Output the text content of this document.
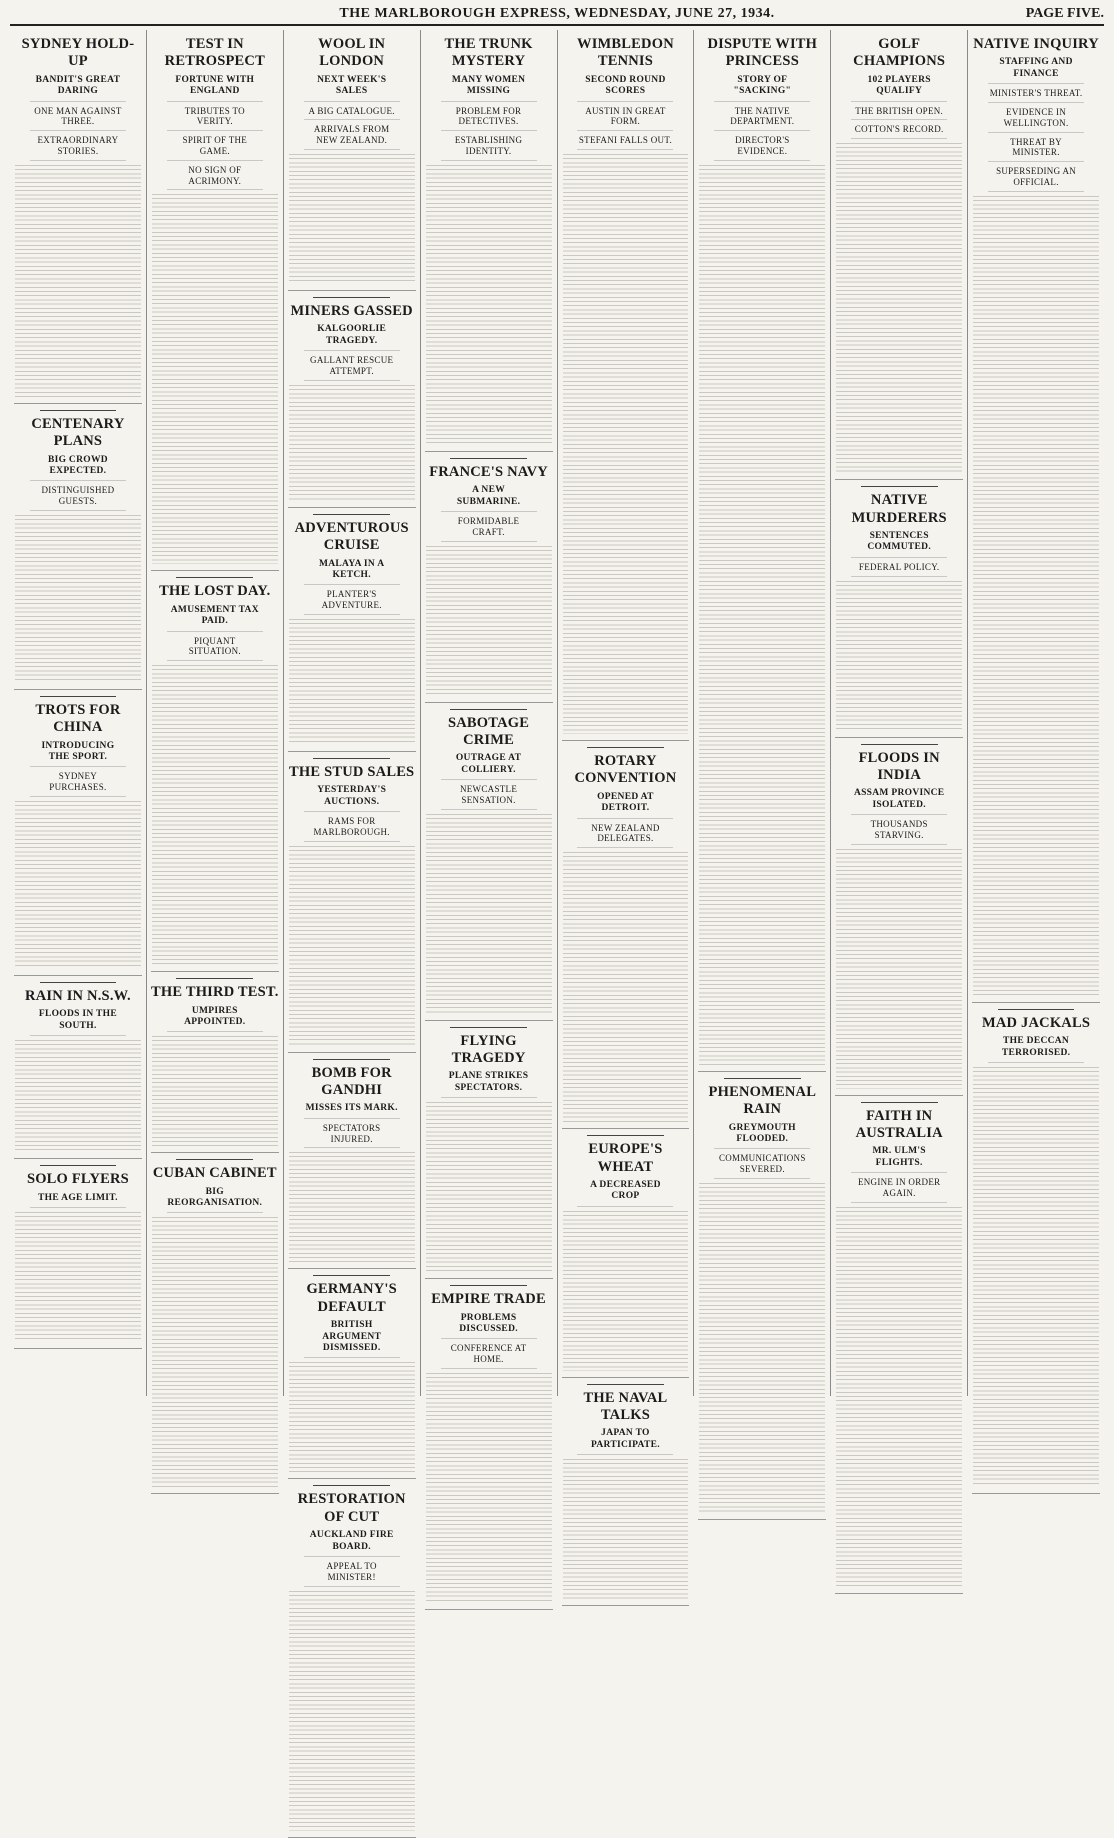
THE MARLBOROUGH EXPRESS, WEDNESDAY, JUNE 27, 1934.	PAGE FIVE.
SYDNEY HOLD-UP
BANDIT'S GREAT DARING
ONE MAN AGAINST THREE.
EXTRAORDINARY STORIES.
CENTENARY PLANS
BIG CROWD EXPECTED.
DISTINGUISHED GUESTS.
TROTS FOR CHINA
INTRODUCING THE SPORT.
SYDNEY PURCHASES.
RAIN IN N.S.W.
FLOODS IN THE SOUTH.
SOLO FLYERS
THE AGE LIMIT.
TEST IN RETROSPECT
FORTUNE WITH ENGLAND
TRIBUTES TO VERITY.
SPIRIT OF THE GAME.
NO SIGN OF ACRIMONY.
THE LOST DAY.
AMUSEMENT TAX PAID.
PIQUANT SITUATION.
THE THIRD TEST.
UMPIRES APPOINTED.
CUBAN CABINET
BIG REORGANISATION.
WOOL IN LONDON
NEXT WEEK'S SALES
A BIG CATALOGUE.
ARRIVALS FROM NEW ZEALAND.
MINERS GASSED
KALGOORLIE TRAGEDY.
GALLANT RESCUE ATTEMPT.
ADVENTUROUS CRUISE
MALAYA IN A KETCH.
PLANTER'S ADVENTURE.
THE STUD SALES
YESTERDAY'S AUCTIONS.
RAMS FOR MARLBOROUGH.
BOMB FOR GANDHI
MISSES ITS MARK.
SPECTATORS INJURED.
GERMANY'S DEFAULT
BRITISH ARGUMENT DISMISSED.
RESTORATION OF CUT
AUCKLAND FIRE BOARD.
APPEAL TO MINISTER!
THE TRUNK MYSTERY
MANY WOMEN MISSING
PROBLEM FOR DETECTIVES.
ESTABLISHING IDENTITY.
FRANCE'S NAVY
A NEW SUBMARINE.
FORMIDABLE CRAFT.
SABOTAGE CRIME
OUTRAGE AT COLLIERY.
NEWCASTLE SENSATION.
FLYING TRAGEDY
PLANE STRIKES SPECTATORS.
EMPIRE TRADE
PROBLEMS DISCUSSED.
CONFERENCE AT HOME.
WIMBLEDON TENNIS
SECOND ROUND SCORES
AUSTIN IN GREAT FORM.
STEFANI FALLS OUT.
ROTARY CONVENTION
OPENED AT DETROIT.
NEW ZEALAND DELEGATES.
EUROPE'S WHEAT
A DECREASED CROP
THE NAVAL TALKS
JAPAN TO PARTICIPATE.
DISPUTE WITH PRINCESS
STORY OF "SACKING"
THE NATIVE DEPARTMENT.
DIRECTOR'S EVIDENCE.
PHENOMENAL RAIN
GREYMOUTH FLOODED.
COMMUNICATIONS SEVERED.
GOLF CHAMPIONS
102 PLAYERS QUALIFY
THE BRITISH OPEN.
COTTON'S RECORD.
NATIVE MURDERERS
SENTENCES COMMUTED.
FEDERAL POLICY.
FLOODS IN INDIA
ASSAM PROVINCE ISOLATED.
THOUSANDS STARVING.
FAITH IN AUSTRALIA
MR. ULM'S FLIGHTS.
ENGINE IN ORDER AGAIN.
NATIVE INQUIRY
STAFFING AND FINANCE
MINISTER'S THREAT.
EVIDENCE IN WELLINGTON.
THREAT BY MINISTER.
SUPERSEDING AN OFFICIAL.
MAD JACKALS
THE DECCAN TERRORISED.
